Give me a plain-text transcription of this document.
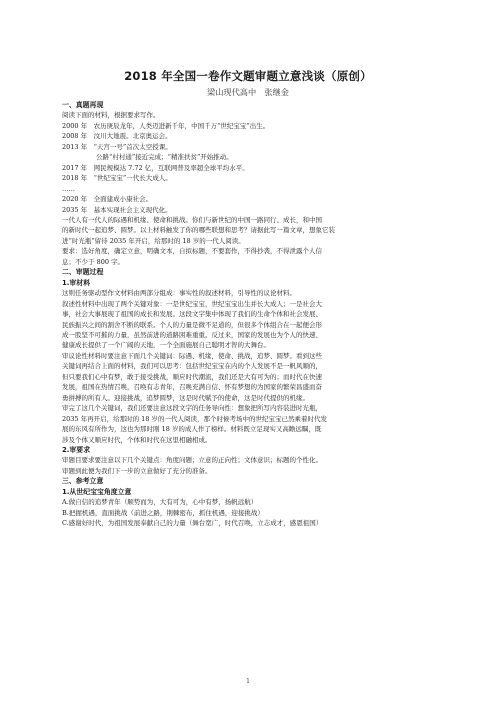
2018 年全国一卷作文题审题立意浅谈（原创）
梁山现代高中　张继金

一、真题再现

阅读下面的材料，根据要求写作。

2000 年　农历庚辰龙年，人类迈进新千年，中国千万“世纪宝宝”出生。

2008 年　汶川大地震。北京奥运会。

2013 年　“天宫一号”首次太空授课。

公路“村村通”接近完成；“精准扶贫”开始推动。

2017 年　网民规模达 7.72 亿，互联网普及率超全球平均水平。

2018 年　“世纪宝宝”一代长大成人。

……

2020 年　全面建成小康社会。

2035 年　基本实现社会主义现代化。

一代人有一代人的际遇和机缘、使命和挑战。你们与新世纪的中国一路同行、成长，和中国

的新时代一起追梦、圆梦。以上材料触发了你的哪些联想和思考？请据此写一篇文章，想象它装

进“时光瓶”留待 2035 年开启，给那时的 18 岁的一代人阅读。

要求：选好角度，确定立意，明确文本，自拟标题，不要套作，不得抄袭，不得泄露个人信

息；不少于 800 字。

二、审题过程

1.审材料

这则任务驱动型作文材料由两部分组成：事实性的叙述材料，引导性的议论材料。

叙述性材料中出现了两个关键对象：一是世纪宝宝，世纪宝宝出生并长大成人；一是社会大

事，社会大事展现了祖国的成长和发展。这段文字集中体现了我们的生命个体和社会发展、

民族振兴之间的割舍不断的联系。个人的力量是微不足道的，但很多个体组合在一起便会形

成一股坚不可摧的力量，虽然前进的道路困难重重。反过来，国家的发展也为个人的快速、

健康成长提供了一个广阔的天地，一个全面施展自己聪明才智的大舞台。

审议论性材料时要注意下面几个关键词：际遇、机缘，使命、挑战，追梦、圆梦。看到这些

关键词再结合上面的材料，我们可以思考：包括世纪宝宝在内的个人发展不是一帆风顺的，

但只要我们心中有梦，敢于接受挑战，顺应时代潮流，我们还是大有可为的；而时代在快速

发展，祖国在热情召唤，召唤有志青年，召唤充满自信、怀有梦想的为国家的繁荣昌盛而奋

勇拼搏的所有人。迎接挑战，追梦圆梦，这是时代赋予的使命，这是时代提供的机缘。

审完了这几个关键词，我们还要注意这段文字的任务导向性：想象把所写内容装进时光瓶，

2035 年再开启，给那时的 18 岁的一代人阅读，那个时候考场中的世纪宝宝已然乘着时代发

展的东风有所作为，这也为那时刚 18 岁的成人作了榜样。材料既立足现实又高瞻远瞩，既

涉及个体又顺应时代，个体和时代在这里相融相成。

2.审要求

审题目要求要注意以下几个关键点：角度问题；立意的正向性；文体意识；标题的个性化。

审题到此便为我们下一步的立意做好了充分的准备。

三、参考立意

1.从世纪宝宝角度立意

A.做自信的追梦青年（顺势而为，大有可为，心中有梦，扬帆远航）

B.把握机遇，直面挑战（前进之路，荆棘密布，抓住机遇，迎接挑战）

C.感谢好时代，为祖国发展奉献自己的力量（舞台宽广，时代召唤，立志成才，感恩祖国）

1
